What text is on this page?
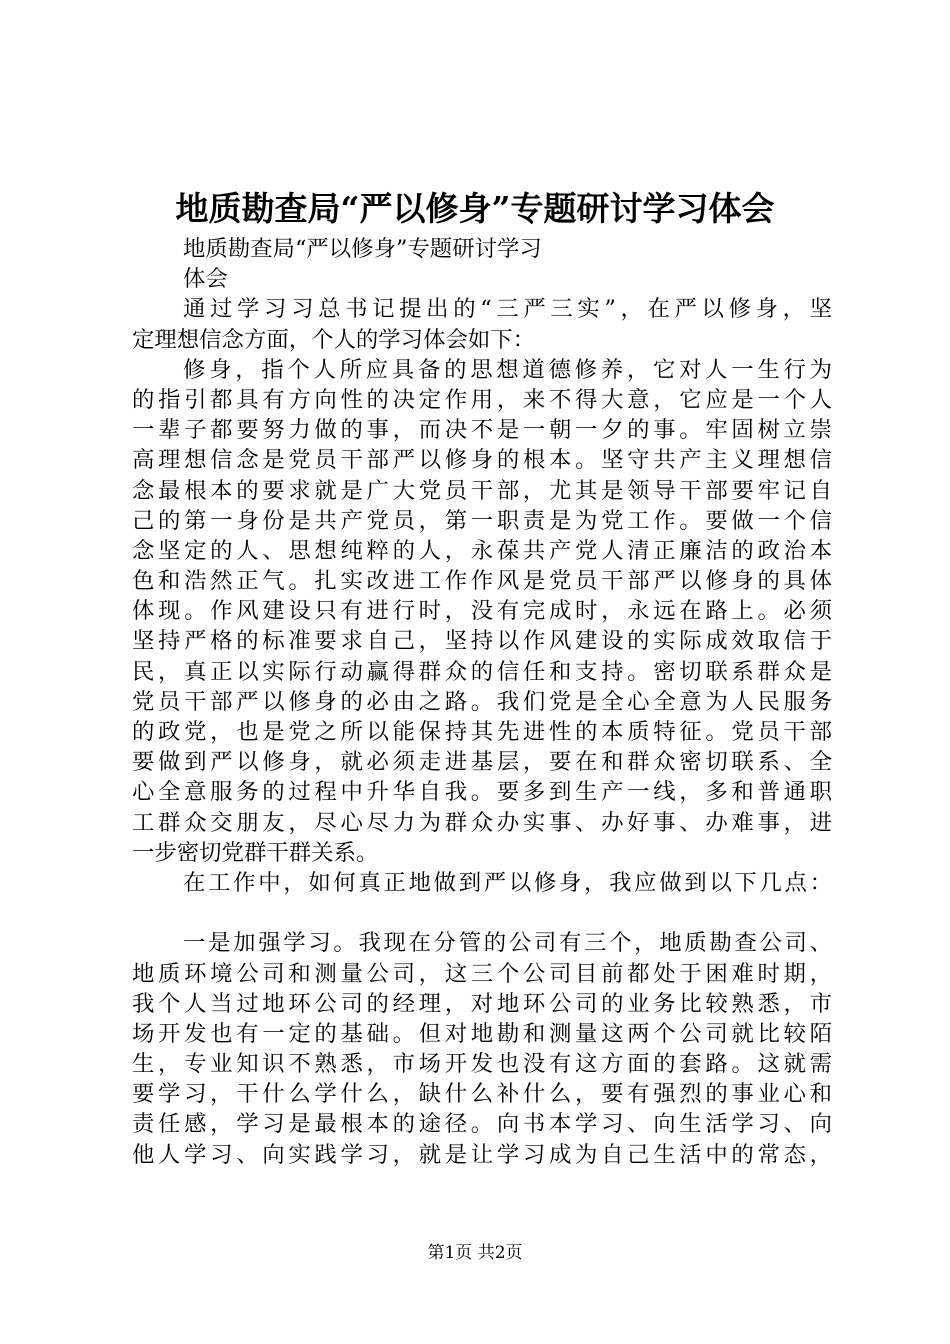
地质勘查局“严以修身”专题研讨学习体会
地质勘查局“严以修身”专题研讨学习
体会
通过学习习总书记提出的“三严三实”，在严以修身，坚
定理想信念方面，个人的学习体会如下：
修身，指个人所应具备的思想道德修养，它对人一生行为
的指引都具有方向性的决定作用，来不得大意，它应是一个人
一辈子都要努力做的事，而决不是一朝一夕的事。牢固树立崇
高理想信念是党员干部严以修身的根本。坚守共产主义理想信
念最根本的要求就是广大党员干部，尤其是领导干部要牢记自
己的第一身份是共产党员，第一职责是为党工作。要做一个信
念坚定的人、思想纯粹的人，永葆共产党人清正廉洁的政治本
色和浩然正气。扎实改进工作作风是党员干部严以修身的具体
体现。作风建设只有进行时，没有完成时，永远在路上。必须
坚持严格的标准要求自己，坚持以作风建设的实际成效取信于
民，真正以实际行动赢得群众的信任和支持。密切联系群众是
党员干部严以修身的必由之路。我们党是全心全意为人民服务
的政党，也是党之所以能保持其先进性的本质特征。党员干部
要做到严以修身，就必须走进基层，要在和群众密切联系、全
心全意服务的过程中升华自我。要多到生产一线，多和普通职
工群众交朋友，尽心尽力为群众办实事、办好事、办难事，进
一步密切党群干群关系。
在工作中，如何真正地做到严以修身，我应做到以下几点：
一是加强学习。我现在分管的公司有三个，地质勘查公司、
地质环境公司和测量公司，这三个公司目前都处于困难时期，
我个人当过地环公司的经理，对地环公司的业务比较熟悉，市
场开发也有一定的基础。但对地勘和测量这两个公司就比较陌
生，专业知识不熟悉，市场开发也没有这方面的套路。这就需
要学习，干什么学什么，缺什么补什么，要有强烈的事业心和
责任感，学习是最根本的途径。向书本学习、向生活学习、向
他人学习、向实践学习，就是让学习成为自己生活中的常态，
第1页 共2页
